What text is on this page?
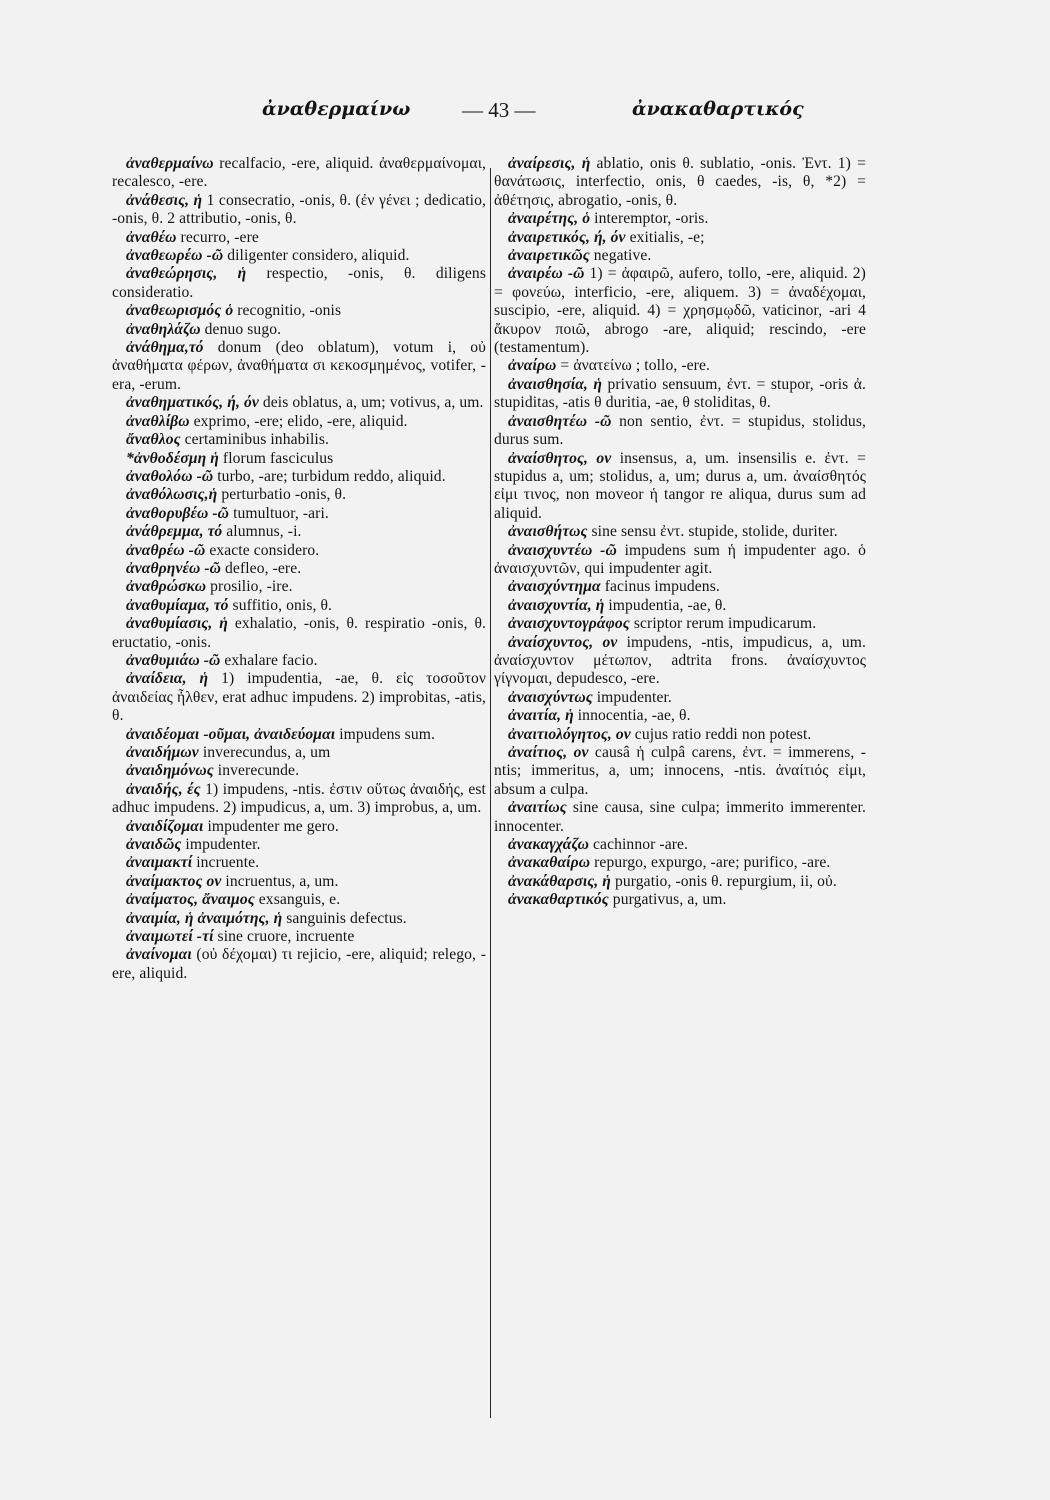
ἀναθερμαίνω — 43 —	ἀνακαθαρτικός

ἀναθερμαίνω recalfacio, -ere, aliquid. ἀναθερμαίνομαι, recalesco, -ere.

ἀνάθεσις, ἡ 1 consecratio, -onis, θ. (ἐν γένει ; dedicatio, -onis, θ. 2 attributio, -onis, θ.

ἀναθέω recurro, -ere

ἀναθεωρέω -ῶ diligenter considero, aliquid.

ἀναθεώρησις, ἡ respectio, -onis, θ. diligens consideratio.

ἀναθεωρισμός ὁ recognitio, -onis

ἀναθηλάζω denuo sugo.

ἀνάθημα,τό donum (deo oblatum), votum i, οὐ ἀναθήματα φέρων, ἀναθήματα σι κεκοσμημένος, votifer, -era, -erum.

ἀναθηματικός, ή, όν deis oblatus, a, um; votivus, a, um.

ἀναθλίβω exprimo, -ere; elido, -ere, aliquid.

ἄναθλος certaminibus inhabilis.

*ἀνθοδέσμη ἡ florum fasciculus

ἀναθολόω -ῶ turbo, -are; turbidum reddo, aliquid.

ἀναθόλωσις,ἡ perturbatio -onis, θ.

ἀναθορυβέω -ῶ tumultuor, -ari.

ἀνάθρεμμα, τό alumnus, -i.

ἀναθρέω -ῶ exacte considero.

ἀναθρηνέω -ῶ defleo, -ere.

ἀναθρώσκω prosilio, -ire.

ἀναθυμίαμα, τό suffitio, onis, θ.

ἀναθυμίασις, ἡ exhalatio, -onis, θ. respiratio -onis, θ. eructatio, -onis.

ἀναθυμιάω -ῶ exhalare facio.

ἀναίδεια, ἡ 1) impudentia, -ae, θ. εἰς τοσοῦτον ἀναιδείας ἦλθεν, erat adhuc impudens. 2) improbitas, -atis, θ.

ἀναιδέομαι -οῦμαι, ἀναιδεύομαι impudens sum.

ἀναιδήμων inverecundus, a, um

ἀναιδημόνως inverecunde.

ἀναιδής, ές 1) impudens, -ntis. ἐστιν οὕτως ἀναιδής, est adhuc impudens. 2) impudicus, a, um. 3) improbus, a, um.

ἀναιδίζομαι impudenter me gero.

ἀναιδῶς impudenter.

ἀναιμακτί incruente.

ἀναίμακτος ον incruentus, a, um.

ἀναίματος, ἄναιμος exsanguis, e.

ἀναιμία, ἡ ἀναιμότης, ἡ sanguinis defectus.

ἀναιμωτεί -τί sine cruore, incruente

ἀναίνομαι (οὐ δέχομαι) τι rejicio, -ere, aliquid; relego, -ere, aliquid.

ἀναίρεσις, ἡ ablatio, onis θ. sublatio, -onis. Ἐντ. 1) = θανάτωσις, interfectio, onis, θ caedes, -is, θ, *2) = ἀθέτησις, abrogatio, -onis, θ.

ἀναιρέτης, ὁ interemptor, -oris.

ἀναιρετικός, ή, όν exitialis, -e;

ἀναιρετικῶς negative.

ἀναιρέω -ῶ 1) = ἀφαιρῶ, aufero, tollo, -ere, aliquid. 2) = φονεύω, interficio, -ere, aliquem. 3) = ἀναδέχομαι, suscipio, -ere, aliquid. 4) = χρησμῳδῶ, vaticinor, -ari 4 ἄκυρον ποιῶ, abrogo -are, aliquid; rescindo, -ere (testamentum).

ἀναίρω = ἀνατείνω ; tollo, -ere.

ἀναισθησία, ἡ privatio sensuum, ἐντ. = stupor, -oris ἀ. stupiditas, -atis θ duritia, -ae, θ stoliditas, θ.

ἀναισθητέω -ῶ non sentio, ἐντ. = stupidus, stolidus, durus sum.

ἀναίσθητος, ον insensus, a, um. insensilis e. ἐντ. = stupidus a, um; stolidus, a, um; durus a, um. ἀναίσθητός εἰμι τινος, non moveor ἡ tangor re aliqua, durus sum ad aliquid.

ἀναισθήτως sine sensu ἐντ. stupide, stolide, duriter.

ἀναισχυντέω -ῶ impudens sum ἡ impudenter ago. ὁ ἀναισχυντῶν, qui impudenter agit.

ἀναισχύντημα facinus impudens.

ἀναισχυντία, ἡ impudentia, -ae, θ.

ἀναισχυντογράφος scriptor rerum impudicarum.

ἀναίσχυντος, ον impudens, -ntis, impudicus, a, um. ἀναίσχυντον μέτωπον, adtrita frons. ἀναίσχυντος γίγνομαι, depudesco, -ere.

ἀναισχύντως impudenter.

ἀναιτία, ἡ innocentia, -ae, θ.

ἀναιτιολόγητος, ον cujus ratio reddi non potest.

ἀναίτιος, ον causâ ἡ culpâ carens, ἐντ. = immerens, -ntis; immeritus, a, um; innocens, -ntis. ἀναίτιός εἰμι, absum a culpa.

ἀναιτίως sine causa, sine culpa; immerito immerenter. innocenter.

ἀνακαγχάζω cachinnor -are.

ἀνακαθαίρω repurgo, expurgo, -are; purifico, -are.

ἀνακάθαρσις, ἡ purgatio, -onis θ. repurgium, ii, οὐ.

ἀνακαθαρτικός purgativus, a, um.
